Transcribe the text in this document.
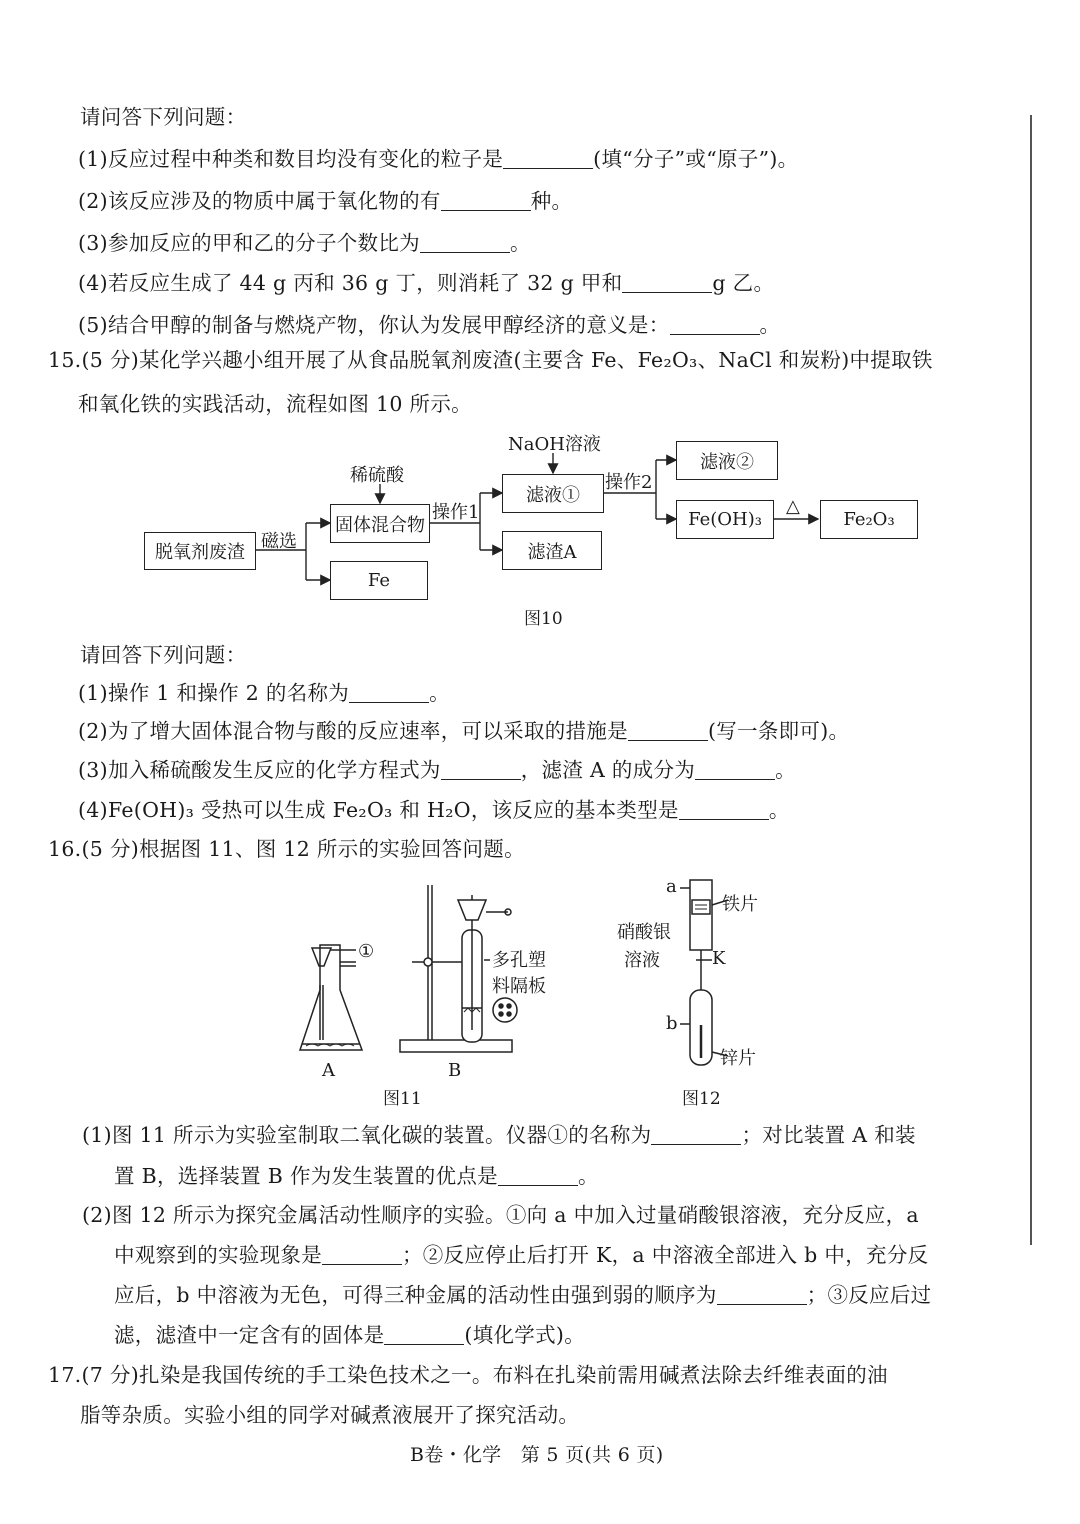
请问答下列问题：
(1)反应过程中种类和数目均没有变化的粒子是	(填“分子”或“原子”)。
(2)该反应涉及的物质中属于氧化物的有	种。
(3)参加反应的甲和乙的分子个数比为	。
(4)若反应生成了 44 g 丙和 36 g 丁，则消耗了 32 g 甲和	g 乙。
(5)结合甲醇的制备与燃烧产物，你认为发展甲醇经济的意义是：	。
15.(5 分)某化学兴趣小组开展了从食品脱氧剂废渣(主要含 Fe、Fe₂O₃、NaCl 和炭粉)中提取铁
和氧化铁的实践活动，流程如图 10 所示。
脱氧剂废渣
磁选
固体混合物
Fe
稀硫酸
操作1
滤液①
滤渣A
NaOH溶液
操作2
滤液②
Fe(OH)₃
△
Fe₂O₃
图10
请回答下列问题：
(1)操作 1 和操作 2 的名称为	。
(2)为了增大固体混合物与酸的反应速率，可以采取的措施是	(写一条即可)。
(3)加入稀硫酸发生反应的化学方程式为	，滤渣 A 的成分为	。
(4)Fe(OH)₃ 受热可以生成 Fe₂O₃ 和 H₂O，该反应的基本类型是	。
16.(5 分)根据图 11、图 12 所示的实验回答问题。
①	多孔塑
料隔板
A	B
图11
a
铁片
硝酸银
溶液	K
b
锌片
图12
(1)图 11 所示为实验室制取二氧化碳的装置。仪器①的名称为	；对比装置 A 和装
置 B，选择装置 B 作为发生装置的优点是	。
(2)图 12 所示为探究金属活动性顺序的实验。①向 a 中加入过量硝酸银溶液，充分反应，a
中观察到的实验现象是	；②反应停止后打开 K，a 中溶液全部进入 b 中，充分反
应后，b 中溶液为无色，可得三种金属的活动性由强到弱的顺序为	；③反应后过
滤，滤渣中一定含有的固体是	(填化学式)。
17.(7 分)扎染是我国传统的手工染色技术之一。布料在扎染前需用碱煮法除去纤维表面的油
脂等杂质。实验小组的同学对碱煮液展开了探究活动。
B卷・化学　第 5 页(共 6 页)
